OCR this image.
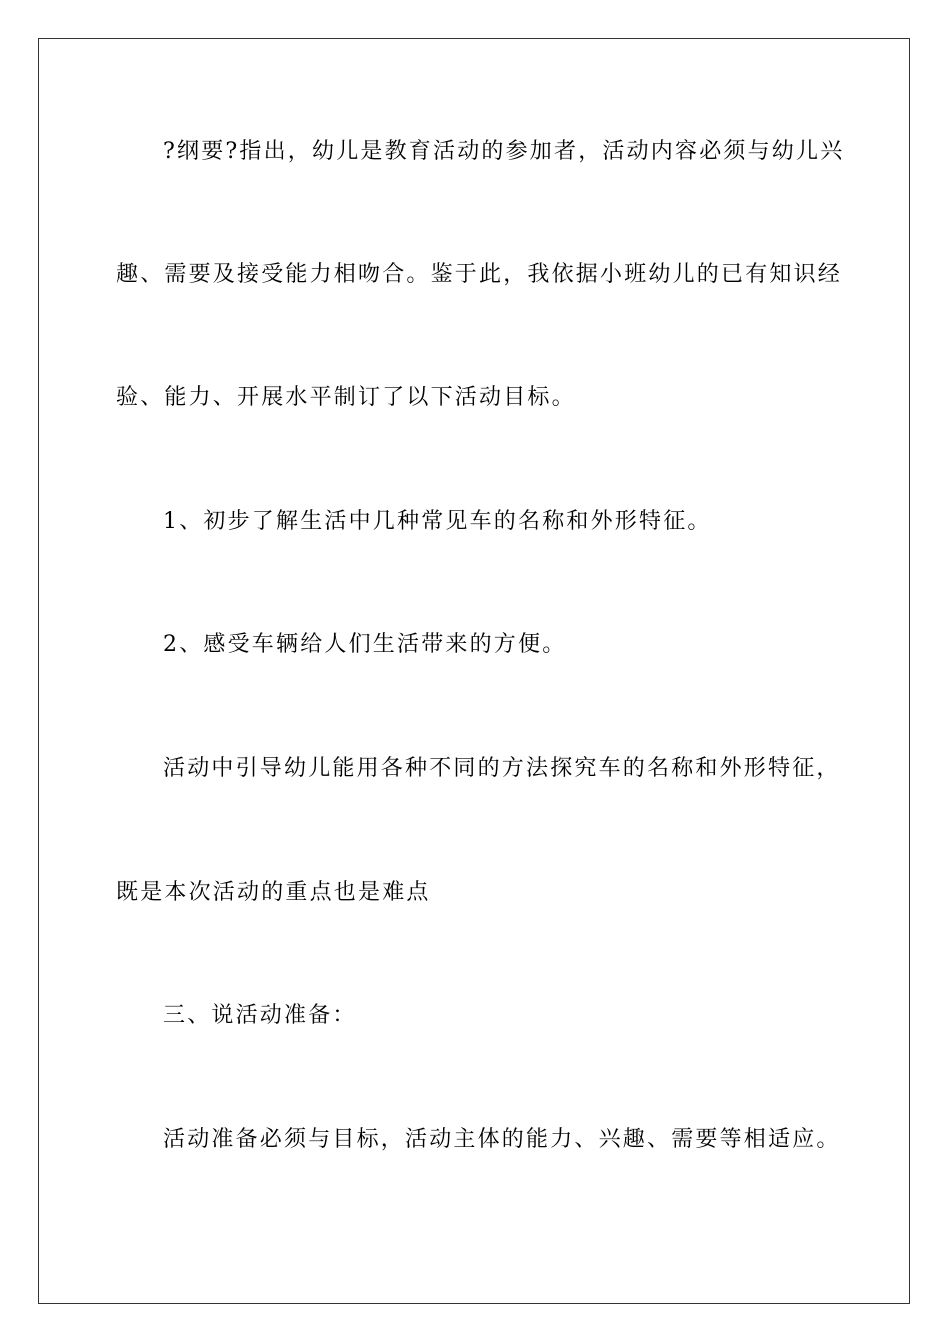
?纲要?指出，幼儿是教育活动的参加者，活动内容必须与幼儿兴

趣、需要及接受能力相吻合。鉴于此，我依据小班幼儿的已有知识经

验、能力、开展水平制订了以下活动目标。

1、初步了解生活中几种常见车的名称和外形特征。

2、感受车辆给人们生活带来的方便。

活动中引导幼儿能用各种不同的方法探究车的名称和外形特征，

既是本次活动的重点也是难点

三、说活动准备：

活动准备必须与目标，活动主体的能力、兴趣、需要等相适应。
